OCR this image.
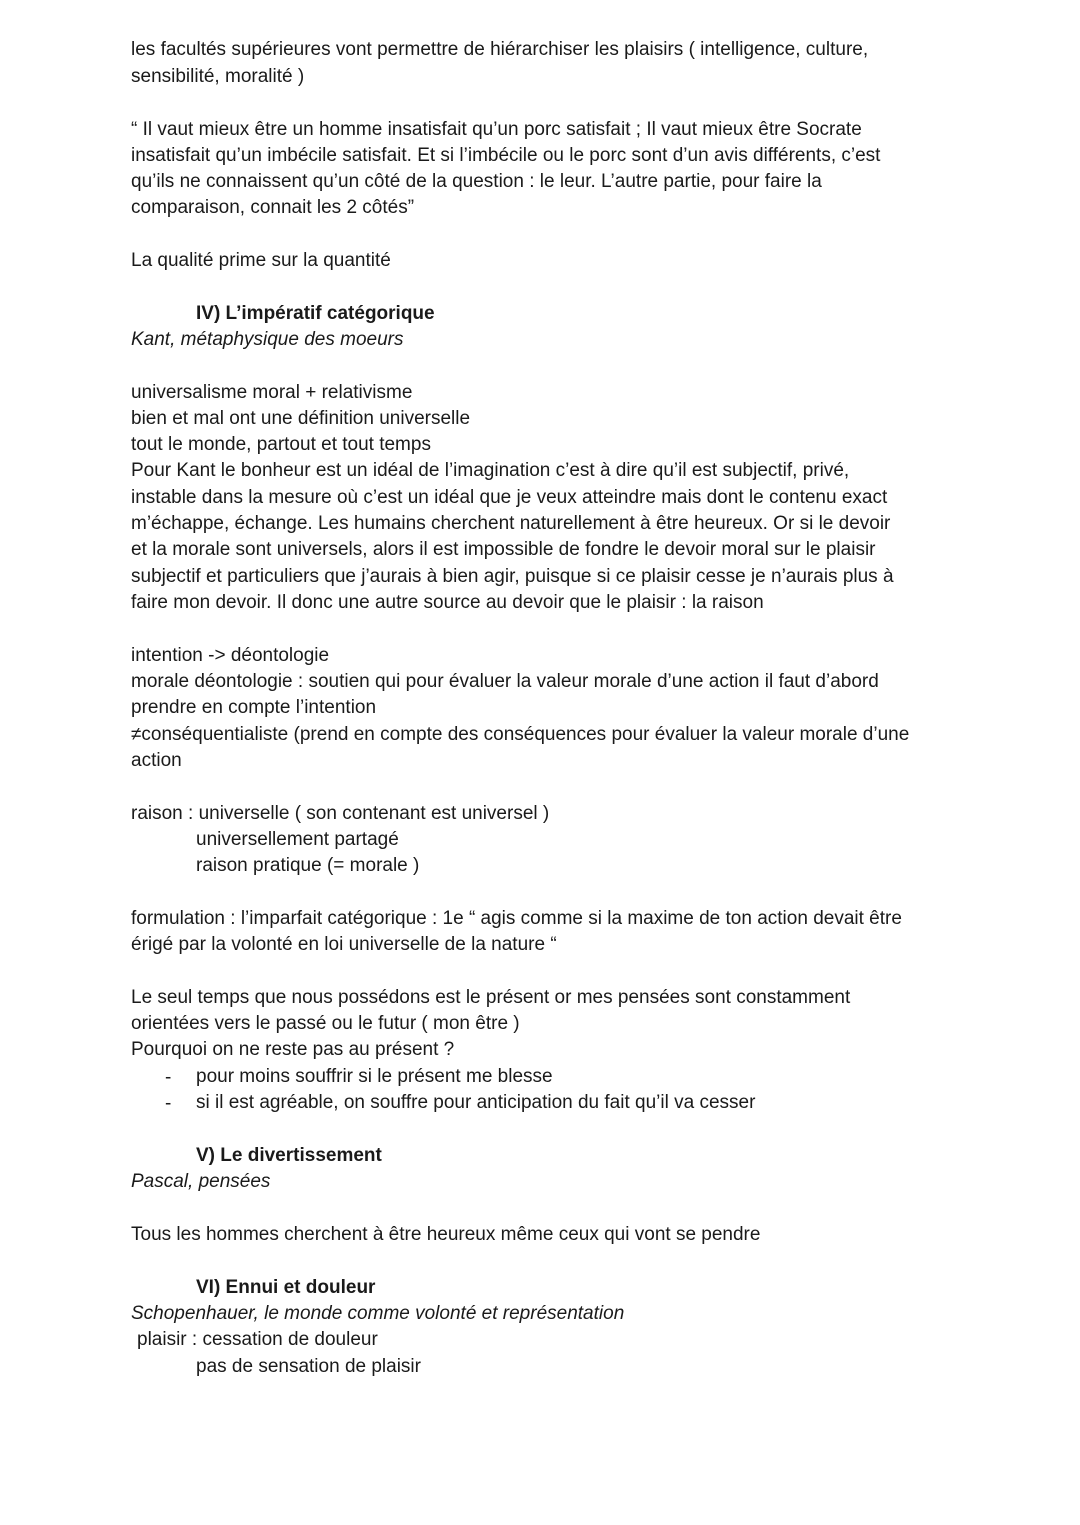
les facultés supérieures vont permettre de hiérarchiser les plaisirs ( intelligence, culture,
sensibilité, moralité )
“ Il vaut mieux être un homme insatisfait qu’un porc satisfait ; Il vaut mieux être Socrate
insatisfait qu’un imbécile satisfait. Et si l’imbécile ou le porc sont d’un avis différents, c’est
qu’ils ne connaissent qu’un côté de la question : le leur. L’autre partie, pour faire la
comparaison, connait les 2 côtés”
La qualité prime sur la quantité
IV) L’impératif catégorique
Kant, métaphysique des moeurs
universalisme moral + relativisme
bien et mal ont une définition universelle
tout le monde, partout et tout temps
Pour Kant le bonheur est un idéal de l’imagination c’est à dire qu’il est subjectif, privé,
instable dans la mesure où c’est un idéal que je veux atteindre mais dont le contenu exact
m’échappe, échange. Les humains cherchent naturellement à être heureux. Or si le devoir
et la morale sont universels, alors il est impossible de fondre le devoir moral sur le plaisir
subjectif et particuliers que j’aurais à bien agir, puisque si ce plaisir cesse je n’aurais plus à
faire mon devoir. Il donc une autre source au devoir que le plaisir : la raison
intention -> déontologie
morale déontologie : soutien qui pour évaluer la valeur morale d’une action il faut d’abord
prendre en compte l’intention
≠conséquentialiste (prend en compte des conséquences pour évaluer la valeur morale d’une
action
raison : universelle ( son contenant est universel )
universellement partagé
raison pratique (= morale )
formulation : l’imparfait catégorique : 1e “ agis comme si la maxime de ton action devait être
érigé par la volonté en loi universelle de la nature “
Le seul temps que nous possédons est le présent or mes pensées sont constamment
orientées vers le passé ou le futur ( mon être )
Pourquoi on ne reste pas au présent ?
- pour moins souffrir si le présent me blesse
- si il est agréable, on souffre pour anticipation du fait qu’il va cesser
V) Le divertissement
Pascal, pensées
Tous les hommes cherchent à être heureux même ceux qui vont se pendre
VI) Ennui et douleur
Schopenhauer, le monde comme volonté et représentation
plaisir : cessation de douleur
pas de sensation de plaisir
